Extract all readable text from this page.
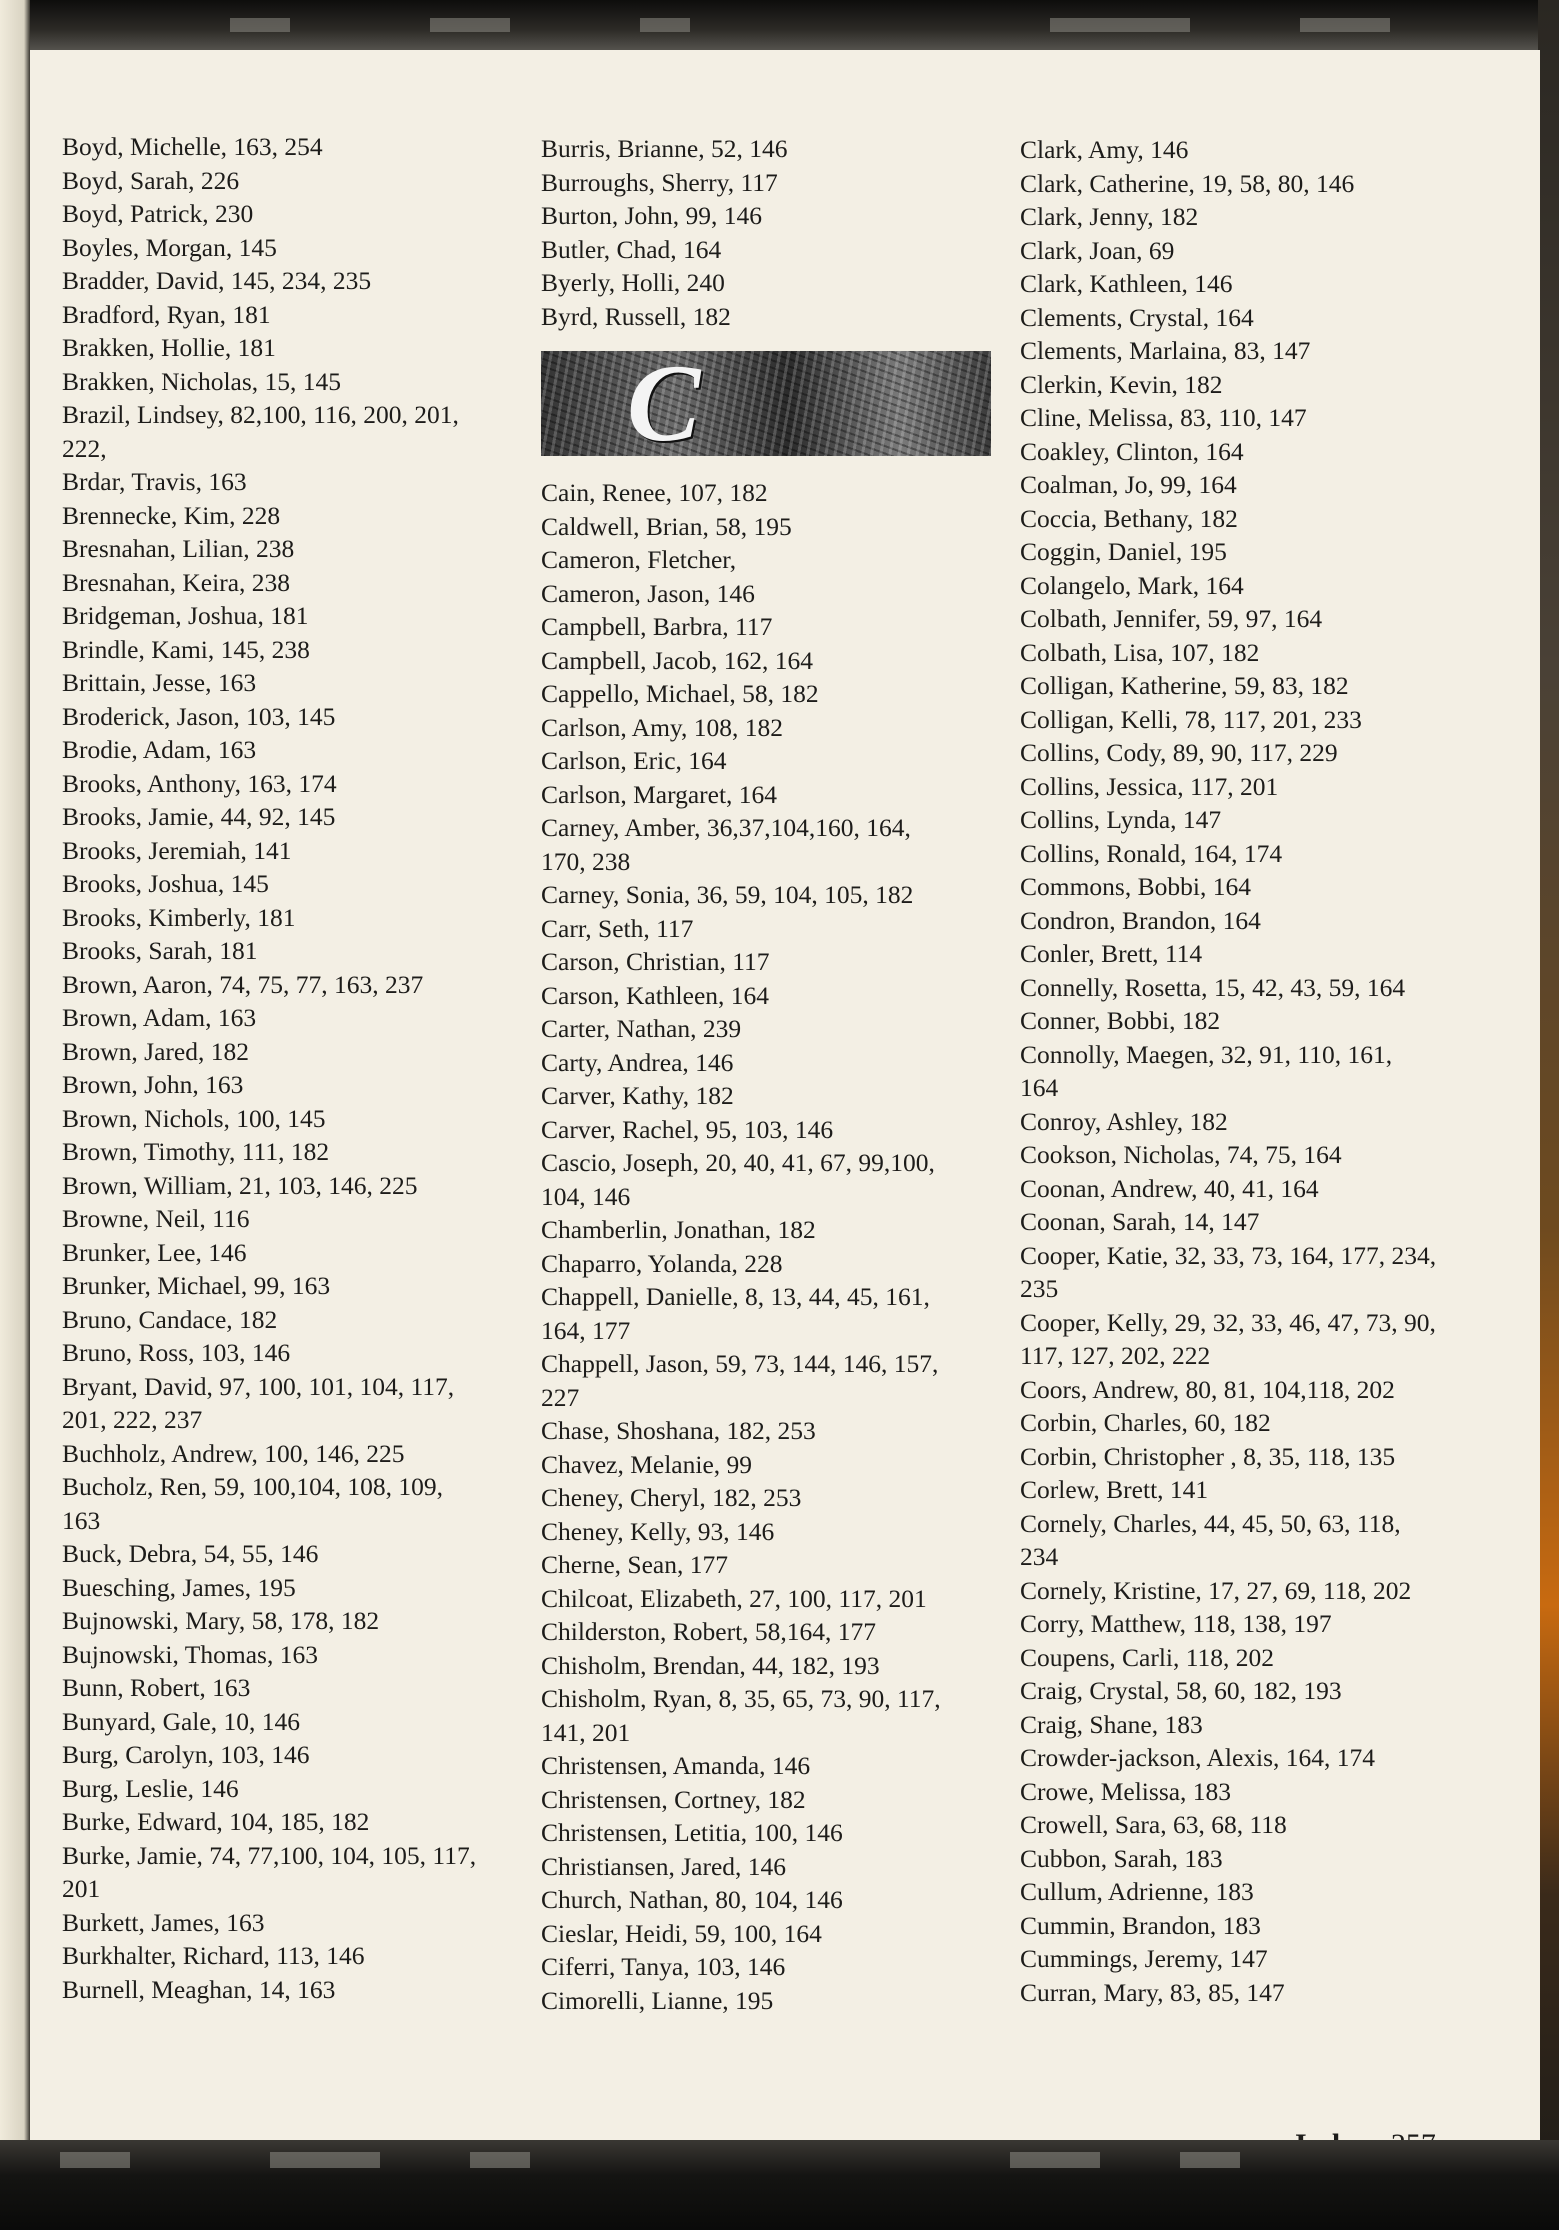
Boyd, Michelle, 163, 254
Boyd, Sarah, 226
Boyd, Patrick, 230
Boyles, Morgan, 145
Bradder, David, 145, 234, 235
Bradford, Ryan, 181
Brakken, Hollie, 181
Brakken, Nicholas, 15, 145
Brazil, Lindsey, 82,100, 116, 200, 201,
222,
Brdar, Travis, 163
Brennecke, Kim, 228
Bresnahan, Lilian, 238
Bresnahan, Keira, 238
Bridgeman, Joshua, 181
Brindle, Kami, 145, 238
Brittain, Jesse, 163
Broderick, Jason, 103, 145
Brodie, Adam, 163
Brooks, Anthony, 163, 174
Brooks, Jamie, 44, 92, 145
Brooks, Jeremiah, 141
Brooks, Joshua, 145
Brooks, Kimberly, 181
Brooks, Sarah, 181
Brown, Aaron, 74, 75, 77, 163, 237
Brown, Adam, 163
Brown, Jared, 182
Brown, John, 163
Brown, Nichols, 100, 145
Brown, Timothy, 111, 182
Brown, William, 21, 103, 146, 225
Browne, Neil, 116
Brunker, Lee, 146
Brunker, Michael, 99, 163
Bruno, Candace, 182
Bruno, Ross, 103, 146
Bryant, David, 97, 100, 101, 104, 117,
201, 222, 237
Buchholz, Andrew, 100, 146, 225
Bucholz, Ren, 59, 100,104, 108, 109,
163
Buck, Debra, 54, 55, 146
Buesching, James, 195
Bujnowski, Mary, 58, 178, 182
Bujnowski, Thomas, 163
Bunn, Robert, 163
Bunyard, Gale, 10, 146
Burg, Carolyn, 103, 146
Burg, Leslie, 146
Burke, Edward, 104, 185, 182
Burke, Jamie, 74, 77,100, 104, 105, 117,
201
Burkett, James, 163
Burkhalter, Richard, 113, 146
Burnell, Meaghan, 14, 163
Burris, Brianne, 52, 146
Burroughs, Sherry, 117
Burton, John, 99, 146
Butler, Chad, 164
Byerly, Holli, 240
Byrd, Russell, 182
C
Cain, Renee, 107, 182
Caldwell, Brian, 58, 195
Cameron, Fletcher,
Cameron, Jason, 146
Campbell, Barbra, 117
Campbell, Jacob, 162, 164
Cappello, Michael, 58, 182
Carlson, Amy, 108, 182
Carlson, Eric, 164
Carlson, Margaret, 164
Carney, Amber, 36,37,104,160, 164,
170, 238
Carney, Sonia, 36, 59, 104, 105, 182
Carr, Seth, 117
Carson, Christian, 117
Carson, Kathleen, 164
Carter, Nathan, 239
Carty, Andrea, 146
Carver, Kathy, 182
Carver, Rachel, 95, 103, 146
Cascio, Joseph, 20, 40, 41, 67, 99,100,
104, 146
Chamberlin, Jonathan, 182
Chaparro, Yolanda, 228
Chappell, Danielle, 8, 13, 44, 45, 161,
164, 177
Chappell, Jason, 59, 73, 144, 146, 157,
227
Chase, Shoshana, 182, 253
Chavez, Melanie, 99
Cheney, Cheryl, 182, 253
Cheney, Kelly, 93, 146
Cherne, Sean, 177
Chilcoat, Elizabeth, 27, 100, 117, 201
Childerston, Robert, 58,164, 177
Chisholm, Brendan, 44, 182, 193
Chisholm, Ryan, 8, 35, 65, 73, 90, 117,
141, 201
Christensen, Amanda, 146
Christensen, Cortney, 182
Christensen, Letitia, 100, 146
Christiansen, Jared, 146
Church, Nathan, 80, 104, 146
Cieslar, Heidi, 59, 100, 164
Ciferri, Tanya, 103, 146
Cimorelli, Lianne, 195
Clark, Amy, 146
Clark, Catherine, 19, 58, 80, 146
Clark, Jenny, 182
Clark, Joan, 69
Clark, Kathleen, 146
Clements, Crystal, 164
Clements, Marlaina, 83, 147
Clerkin, Kevin, 182
Cline, Melissa, 83, 110, 147
Coakley, Clinton, 164
Coalman, Jo, 99, 164
Coccia, Bethany, 182
Coggin, Daniel, 195
Colangelo, Mark, 164
Colbath, Jennifer, 59, 97, 164
Colbath, Lisa, 107, 182
Colligan, Katherine, 59, 83, 182
Colligan, Kelli, 78, 117, 201, 233
Collins, Cody, 89, 90, 117, 229
Collins, Jessica, 117, 201
Collins, Lynda, 147
Collins, Ronald, 164, 174
Commons, Bobbi, 164
Condron, Brandon, 164
Conler, Brett, 114
Connelly, Rosetta, 15, 42, 43, 59, 164
Conner, Bobbi, 182
Connolly, Maegen, 32, 91, 110, 161,
164
Conroy, Ashley, 182
Cookson, Nicholas, 74, 75, 164
Coonan, Andrew, 40, 41, 164
Coonan, Sarah, 14, 147
Cooper, Katie, 32, 33, 73, 164, 177, 234,
235
Cooper, Kelly, 29, 32, 33, 46, 47, 73, 90,
117, 127, 202, 222
Coors, Andrew, 80, 81, 104,118, 202
Corbin, Charles, 60, 182
Corbin, Christopher , 8, 35, 118, 135
Corlew, Brett, 141
Cornely, Charles, 44, 45, 50, 63, 118,
234
Cornely, Kristine, 17, 27, 69, 118, 202
Corry, Matthew, 118, 138, 197
Coupens, Carli, 118, 202
Craig, Crystal, 58, 60, 182, 193
Craig, Shane, 183
Crowder-jackson, Alexis, 164, 174
Crowe, Melissa, 183
Crowell, Sara, 63, 68, 118
Cubbon, Sarah, 183
Cullum, Adrienne, 183
Cummin, Brandon, 183
Cummings, Jeremy, 147
Curran, Mary, 83, 85, 147
